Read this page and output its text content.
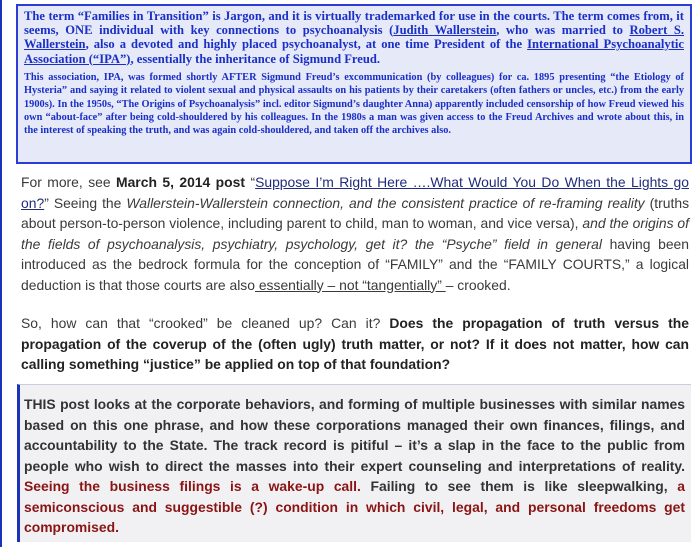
The term “Families in Transition” is Jargon, and it is virtually trademarked for use in the courts. The term comes from, it seems, ONE individual with key connections to psychoanalysis (Judith Wallerstein, who was married to Robert S. Wallerstein, also a devoted and highly placed psychoanalyst, at one time President of the International Psychoanalytic Association (“IPA”), essentially the inheritance of Sigmund Freud.

This association, IPA, was formed shortly AFTER Sigmund Freud’s excommunication (by colleagues) for ca. 1895 presenting “the Etiology of Hysteria” and saying it related to violent sexual and physical assaults on his patients by their caretakers (often fathers or uncles, etc.) from the early 1900s). In the 1950s, “The Origins of Psychoanalysis” incl. editor Sigmund’s daughter Anna) apparently included censorship of how Freud viewed his own “about-face” after being cold-shouldered by his colleagues. In the 1980s a man was given access to the Freud Archives and wrote about this, in the interest of speaking the truth, and was again cold-shouldered, and taken off the archives also.

For more, see March 5, 2014 post “Suppose I’m Right Here ….What Would You Do When the Lights go on?” Seeing the Wallerstein-Wallerstein connection, and the consistent practice of re-framing reality (truths about person-to-person violence, including parent to child, man to woman, and vice versa), and the origins of the fields of psychoanalysis, psychiatry, psychology, get it? the “Psyche” field in general having been introduced as the bedrock formula for the conception of “FAMILY” and the “FAMILY COURTS,” a logical deduction is that those courts are also essentially – not “tangentially” – crooked.

So, how can that “crooked” be cleaned up? Can it? Does the propagation of truth versus the propagation of the coverup of the (often ugly) truth matter, or not? If it does not matter, how can calling something “justice” be applied on top of that foundation?

THIS post looks at the corporate behaviors, and forming of multiple businesses with similar names based on this one phrase, and how these corporations managed their own finances, filings, and accountability to the State. The track record is pitiful – it’s a slap in the face to the public from people who wish to direct the masses into their expert counseling and interpretations of reality. Seeing the business filings is a wake-up call. Failing to see them is like sleepwalking, a semiconscious and suggestible (?) condition in which civil, legal, and personal freedoms get compromised.
